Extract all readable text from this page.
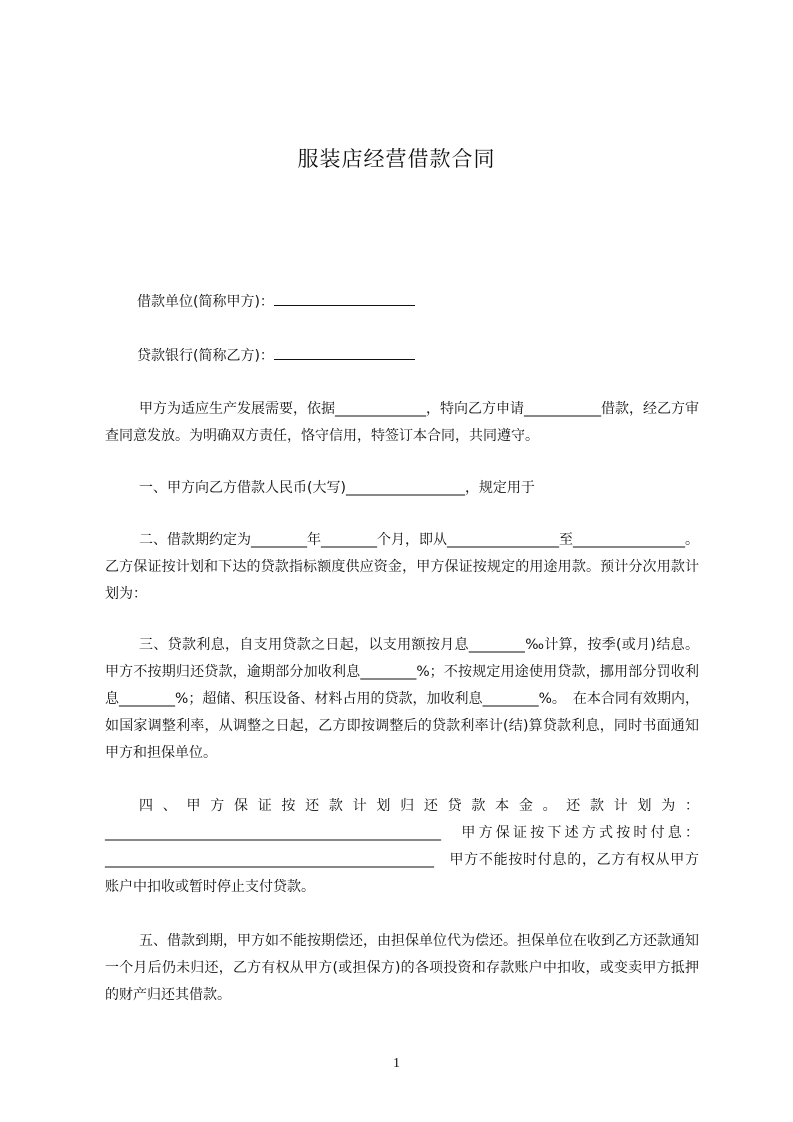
服装店经营借款合同
借款单位(简称甲方)：
贷款银行(简称乙方)：

甲方为适应生产发展需要，依据_____________，特向乙方申请___________借款，经乙方审查同意发放。为明确双方责任，恪守信用，特签订本合同，共同遵守。

一、甲方向乙方借款人民币(大写)_________________，规定用于

二、借款期约定为________年________个月，即从________________至________________。乙方保证按计划和下达的贷款指标额度供应资金，甲方保证按规定的用途用款。预计分次用款计划为：

三、贷款利息，自支用贷款之日起，以支用额按月息________‰计算，按季(或月)结息。甲方不按期归还贷款，逾期部分加收利息________%；不按规定用途使用贷款，挪用部分罚收利息________%；超储、积压设备、材料占用的贷款，加收利息________%。　在本合同有效期内，如国家调整利率，从调整之日起，乙方即按调整后的贷款利率计(结)算贷款利息，同时书面通知甲方和担保单位。

四、甲方保证按还款计划归还贷款本金。还款计划为：________________________________________________　甲方保证按下述方式按时付息：_______________________________________________　甲方不能按时付息的，乙方有权从甲方账户中扣收或暂时停止支付贷款。

五、借款到期，甲方如不能按期偿还，由担保单位代为偿还。担保单位在收到乙方还款通知一个月后仍未归还，乙方有权从甲方(或担保方)的各项投资和存款账户中扣收，或变卖甲方抵押的财产归还其借款。

1
